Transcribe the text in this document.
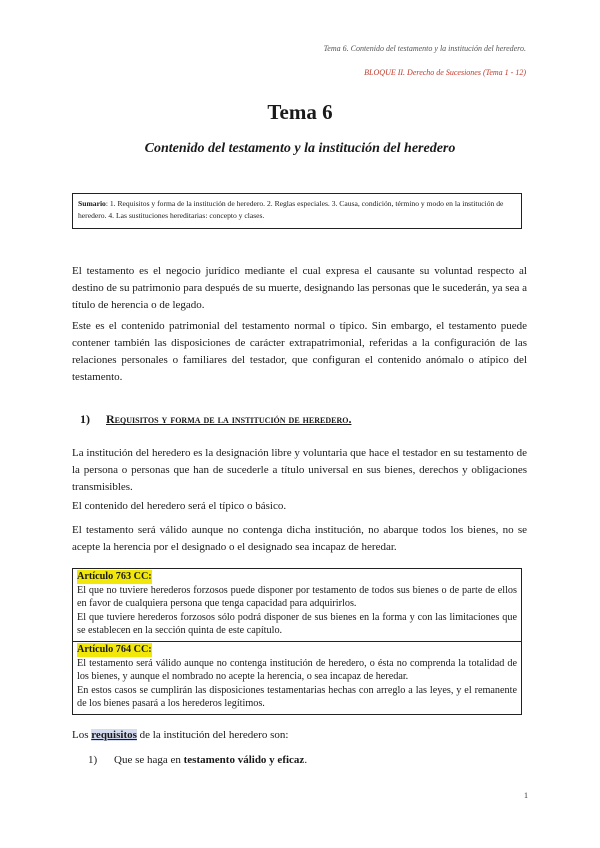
Tema 6. Contenido del testamento y la institución del heredero.
BLOQUE II. Derecho de Sucesiones (Tema 1 - 12)
Tema 6
Contenido del testamento y la institución del heredero
Sumario: 1. Requisitos y forma de la institución de heredero. 2. Reglas especiales. 3. Causa, condición, término y modo en la institución de heredero. 4. Las sustituciones hereditarias: concepto y clases.

El testamento es el negocio jurídico mediante el cual expresa el causante su voluntad respecto al destino de su patrimonio para después de su muerte, designando las personas que le sucederán, ya sea a título de herencia o de legado.

Este es el contenido patrimonial del testamento normal o típico. Sin embargo, el testamento puede contener también las disposiciones de carácter extrapatrimonial, referidas a la configuración de las relaciones personales o familiares del testador, que configuran el contenido anómalo o atípico del testamento.

1) Requisitos y forma de la institución de heredero.

La institución del heredero es la designación libre y voluntaria que hace el testador en su testamento de la persona o personas que han de sucederle a título universal en sus bienes, derechos y obligaciones transmisibles.

El contenido del heredero será el típico o básico.

El testamento será válido aunque no contenga dicha institución, no abarque todos los bienes, no se acepte la herencia por el designado o el designado sea incapaz de heredar.

Artículo 763 CC:

El que no tuviere herederos forzosos puede disponer por testamento de todos sus bienes o de parte de ellos en favor de cualquiera persona que tenga capacidad para adquirirlos.

El que tuviere herederos forzosos sólo podrá disponer de sus bienes en la forma y con las limitaciones que se establecen en la sección quinta de este capítulo.

Artículo 764 CC:

El testamento será válido aunque no contenga institución de heredero, o ésta no comprenda la totalidad de los bienes, y aunque el nombrado no acepte la herencia, o sea incapaz de heredar.

En estos casos se cumplirán las disposiciones testamentarias hechas con arreglo a las leyes, y el remanente de los bienes pasará a los herederos legítimos.

Los requisitos de la institución del heredero son:

1) Que se haga en testamento válido y eficaz.
1
